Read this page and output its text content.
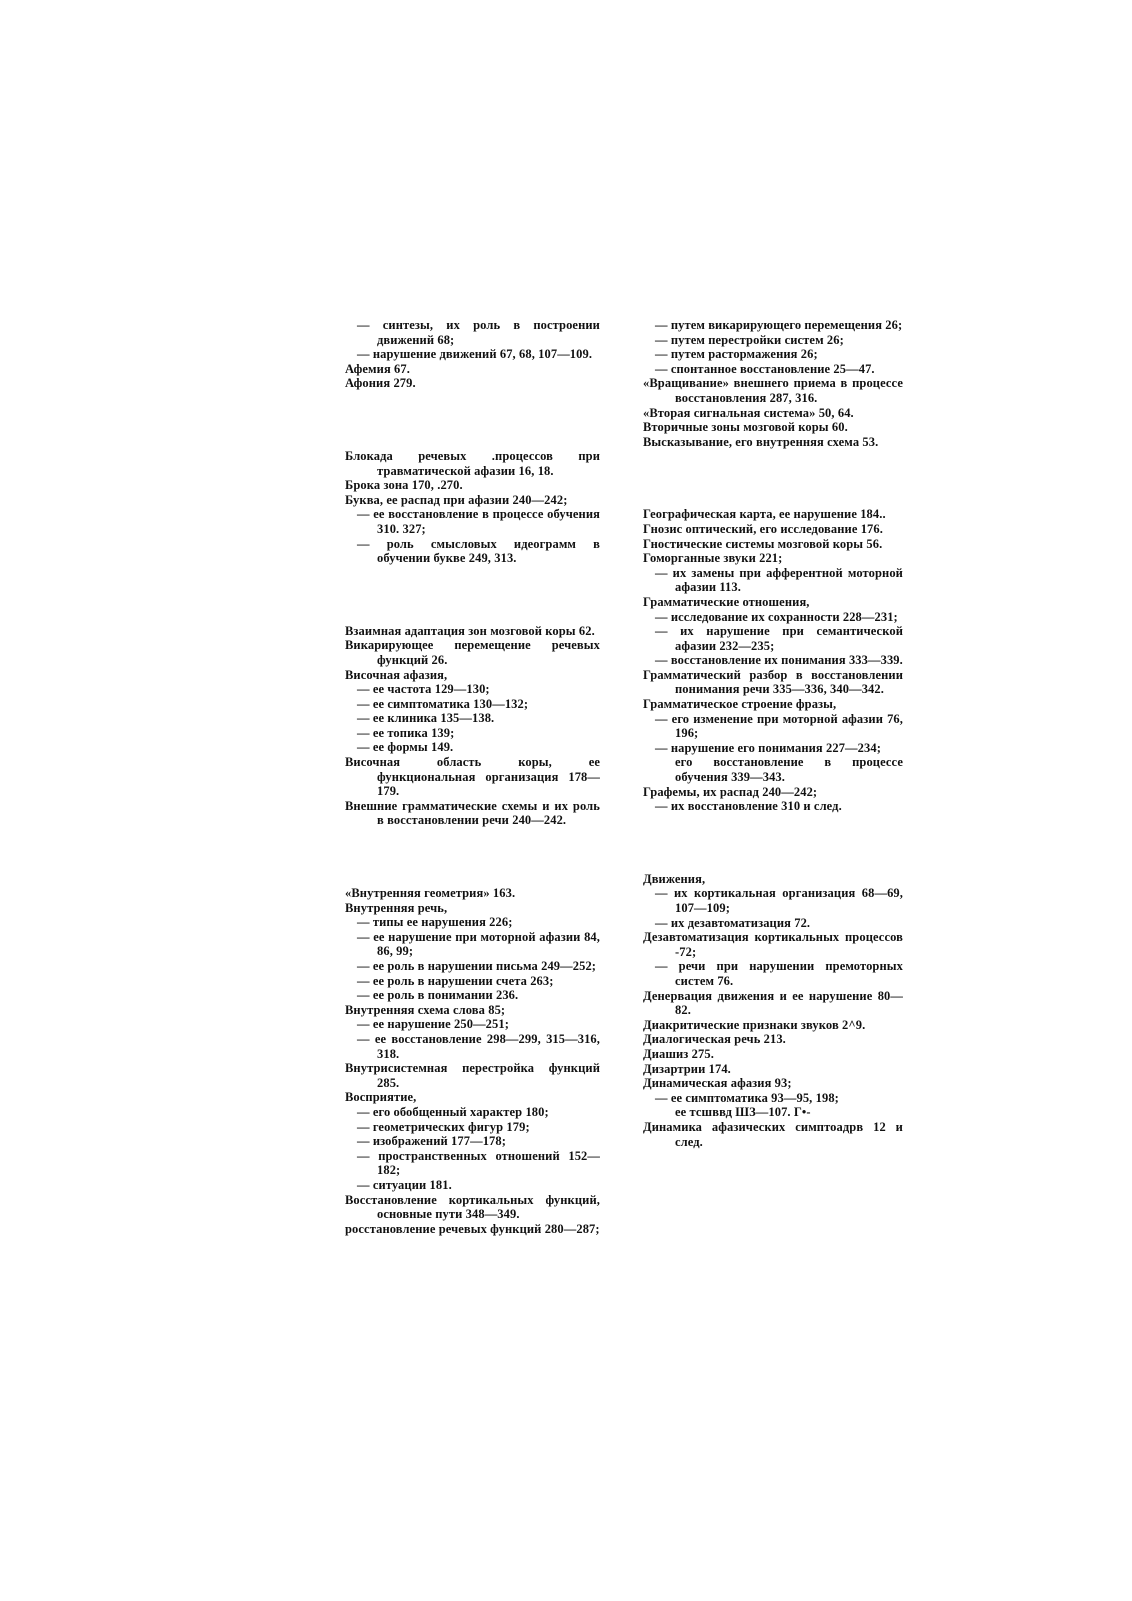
— синтезы, их роль в построении движений 68;

— нарушение движений 67, 68, 107—109.

Афемия 67.

Афония 279.

Блокада речевых .процессов при травматической афазии 16, 18.

Брока зона 170, .270.

Буква, ее распад при афазии 240—242;

— ее восстановление в процессе обучения 310. 327;

— роль смысловых идеограмм в обучении букве 249, 313.

Взаимная адаптация зон мозговой коры 62.

Викарирующее перемещение речевых функций 26.

Височная афазия,

— ее частота 129—130;

— ее симптоматика 130—132;

— ее клиника 135—138.

— ее топика 139;

— ее формы 149.

Височная область коры, ее функциональная организация 178—179.

Внешние грамматические схемы и их роль в восстановлении речи 240—242.

«Внутренняя геометрия» 163.

Внутренняя речь,

— типы ее нарушения 226;

— ее нарушение при моторной афазии 84, 86, 99;

— ее роль в нарушении письма 249—252;

— ее роль в нарушении счета 263;

— ее роль в понимании 236.

Внутренняя схема слова 85;

— ее нарушение 250—251;

— ее восстановление 298—299, 315—316, 318.

Внутрисистемная перестройка функций 285.

Восприятие,

— его обобщенный характер 180;

— геометрических фигур 179;

— изображений 177—178;

— пространственных отношений 152—182;

— ситуации 181.

Восстановление кортикальных функций, основные пути 348—349.

росстановление речевых функций 280—287;

— путем викарирующего перемещения 26;

— путем перестройки систем 26;

— путем растормажения 26;

— спонтанное восстановление 25—47.

«Вращивание» внешнего приема в процессе восстановления 287, 316.

«Вторая сигнальная система» 50, 64.

Вторичные зоны мозговой коры 60.

Высказывание, его внутренняя схема 53.

Географическая карта, ее нарушение 184..

Гнозис оптический, его исследование 176.

Гностические системы мозговой коры 56.

Гоморганные звуки 221;

— их замены при афферентной моторной афазии 113.

Грамматические отношения,

— исследование их сохранности 228—231;

— их нарушение при семантической афазии 232—235;

— восстановление их понимания 333—339.

Грамматический разбор в восстановлении понимания речи 335—336, 340—342.

Грамматическое строение фразы,

— его изменение при моторной афазии 76, 196;

— нарушение его понимания 227—234;

его восстановление в процессе обучения 339—343.

Графемы, их распад 240—242;

— их восстановление 310 и след.

Движения,

— их кортикальная организация 68—69, 107—109;

— их дезавтоматизация 72.

Дезавтоматизация кортикальных процессов -72;

— речи при нарушении премоторных систем 76.

Денервация движения и ее нарушение 80—82.

Диакритические признаки звуков 2^9.

Диалогическая речь 213.

Диашиз 275.

Дизартрии 174.

Динамическая афазия 93;

— ее симптоматика 93—95, 198;

ее тсшввд ШЗ—107. Г•-

Динамика афазических симптоадрв 12 и след.
